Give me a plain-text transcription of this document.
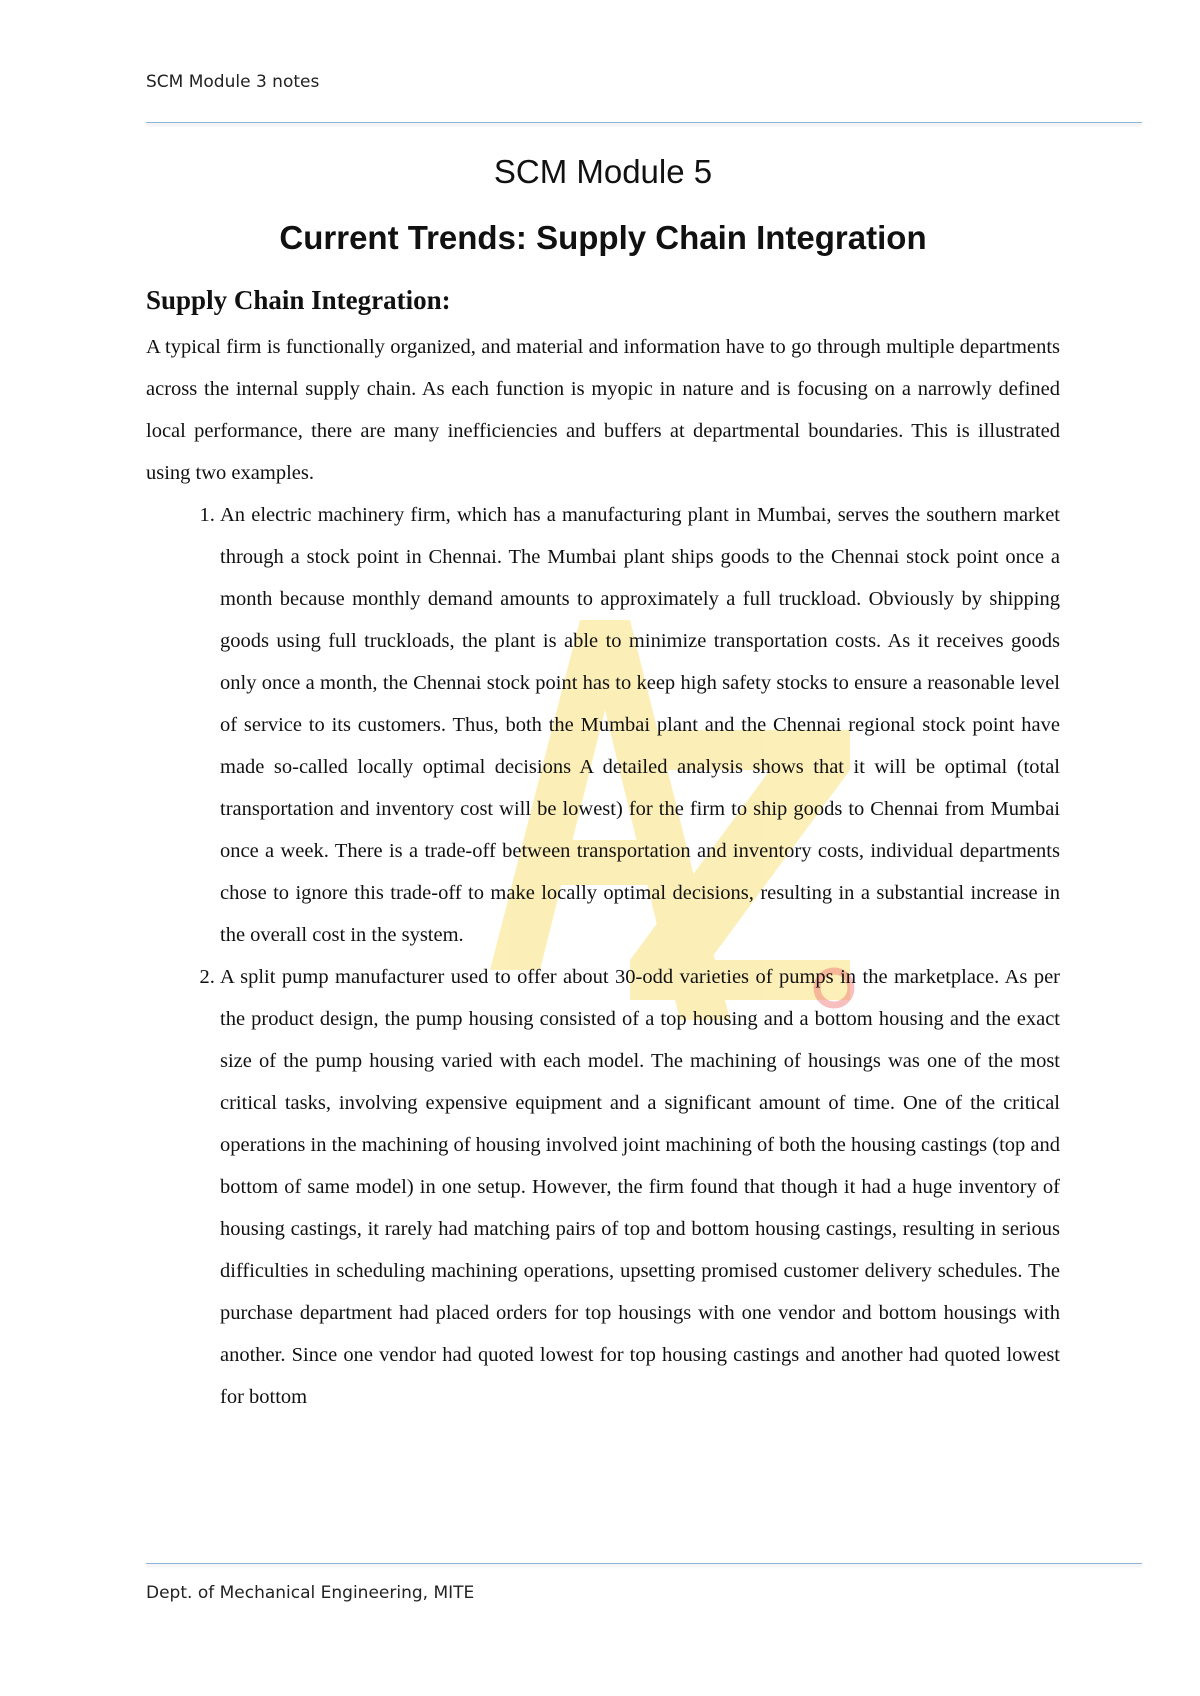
SCM Module 3 notes
SCM Module 5
Current Trends: Supply Chain Integration
Supply Chain Integration:

A typical firm is functionally organized, and material and information have to go through multiple departments across the internal supply chain. As each function is myopic in nature and is focusing on a narrowly defined local performance, there are many inefficiencies and buffers at departmental boundaries. This is illustrated using two examples.

1. An electric machinery firm, which has a manufacturing plant in Mumbai, serves the southern market through a stock point in Chennai. The Mumbai plant ships goods to the Chennai stock point once a month because monthly demand amounts to approximately a full truckload. Obviously by shipping goods using full truckloads, the plant is able to minimize transportation costs. As it receives goods only once a month, the Chennai stock point has to keep high safety stocks to ensure a reasonable level of service to its customers. Thus, both the Mumbai plant and the Chennai regional stock point have made so-called locally optimal decisions A detailed analysis shows that it will be optimal (total transportation and inventory cost will be lowest) for the firm to ship goods to Chennai from Mumbai once a week. There is a trade-off between transportation and inventory costs, individual departments chose to ignore this trade-off to make locally optimal decisions, resulting in a substantial increase in the overall cost in the system.
2. A split pump manufacturer used to offer about 30-odd varieties of pumps in the marketplace. As per the product design, the pump housing consisted of a top housing and a bottom housing and the exact size of the pump housing varied with each model. The machining of housings was one of the most critical tasks, involving expensive equipment and a significant amount of time. One of the critical operations in the machining of housing involved joint machining of both the housing castings (top and bottom of same model) in one setup. However, the firm found that though it had a huge inventory of housing castings, it rarely had matching pairs of top and bottom housing castings, resulting in serious difficulties in scheduling machining operations, upsetting promised customer delivery schedules. The purchase department had placed orders for top housings with one vendor and bottom housings with another. Since one vendor had quoted lowest for top housing castings and another had quoted lowest for bottom
Dept. of Mechanical Engineering, MITE
